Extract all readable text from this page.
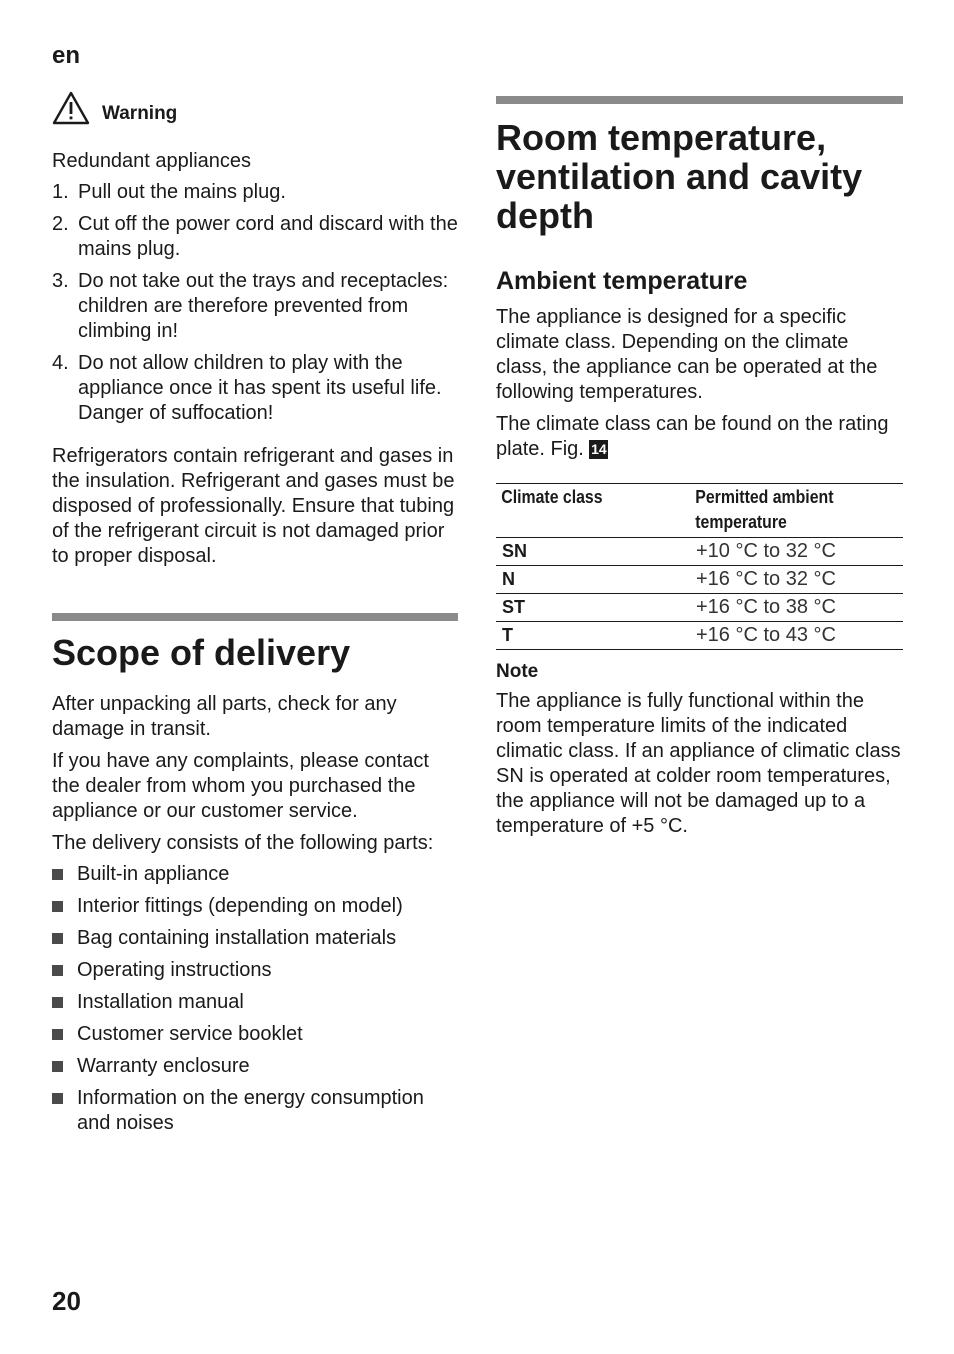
en
Warning

Redundant appliances

1. Pull out the mains plug.
2. Cut off the power cord and discard with the mains plug.
3. Do not take out the trays and receptacles: children are therefore prevented from climbing in!
4. Do not allow children to play with the appliance once it has spent its useful life. Danger of suffocation!

Refrigerators contain refrigerant and gases in the insulation. Refrigerant and gases must be disposed of professionally. Ensure that tubing of the refrigerant circuit is not damaged prior to proper disposal.

Scope of delivery

After unpacking all parts, check for any damage in transit.

If you have any complaints, please contact the dealer from whom you purchased the appliance or our customer service.

The delivery consists of the following parts:

Built-in appliance
Interior fittings (depending on model)
Bag containing installation materials
Operating instructions
Installation manual
Customer service booklet
Warranty enclosure
Information on the energy consumption and noises
Room temperature, ventilation and cavity depth
Ambient temperature

The appliance is designed for a specific climate class. Depending on the climate class, the appliance can be operated at the following temperatures.

The climate class can be found on the rating plate. Fig. 14

Climate class	Permitted ambient temperature
SN	+10 °C to 32 °C
N	+16 °C to 32 °C
ST	+16 °C to 38 °C
T	+16 °C to 43 °C
Note

The appliance is fully functional within the room temperature limits of the indicated climatic class. If an appliance of climatic class SN is operated at colder room temperatures, the appliance will not be damaged up to a temperature of +5 °C.

20
